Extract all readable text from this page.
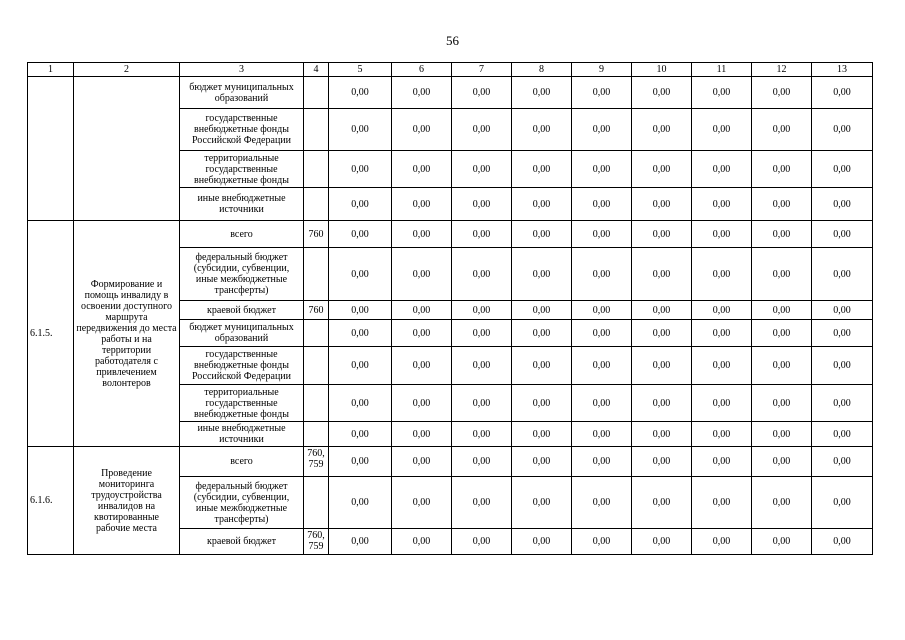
56
1	2	3	4	5	6	7	8	9	10	11	12	13
		бюджет муниципальных образований		0,00	0,00	0,00	0,00	0,00	0,00	0,00	0,00	0,00
		государственные внебюджетные фонды Российской Федерации		0,00	0,00	0,00	0,00	0,00	0,00	0,00	0,00	0,00
		территориальные государственные внебюджетные фонды		0,00	0,00	0,00	0,00	0,00	0,00	0,00	0,00	0,00
		иные внебюджетные источники		0,00	0,00	0,00	0,00	0,00	0,00	0,00	0,00	0,00
6.1.5.	Формирование и помощь инвалиду в освоении доступного маршрута передвижения до места работы и на территории работодателя с привлечением волонтеров	всего	760	0,00	0,00	0,00	0,00	0,00	0,00	0,00	0,00	0,00
		федеральный бюджет (субсидии, субвенции, иные межбюджетные трансферты)		0,00	0,00	0,00	0,00	0,00	0,00	0,00	0,00	0,00
		краевой бюджет	760	0,00	0,00	0,00	0,00	0,00	0,00	0,00	0,00	0,00
		бюджет муниципальных образований		0,00	0,00	0,00	0,00	0,00	0,00	0,00	0,00	0,00
		государственные внебюджетные фонды Российской Федерации		0,00	0,00	0,00	0,00	0,00	0,00	0,00	0,00	0,00
		территориальные государственные внебюджетные фонды		0,00	0,00	0,00	0,00	0,00	0,00	0,00	0,00	0,00
		иные внебюджетные источники		0,00	0,00	0,00	0,00	0,00	0,00	0,00	0,00	0,00
6.1.6.	Проведение мониторинга трудоустройства инвалидов на квотированные рабочие места	всего	760, 759	0,00	0,00	0,00	0,00	0,00	0,00	0,00	0,00	0,00
		федеральный бюджет (субсидии, субвенции, иные межбюджетные трансферты)		0,00	0,00	0,00	0,00	0,00	0,00	0,00	0,00	0,00
		краевой бюджет	760, 759	0,00	0,00	0,00	0,00	0,00	0,00	0,00	0,00	0,00
